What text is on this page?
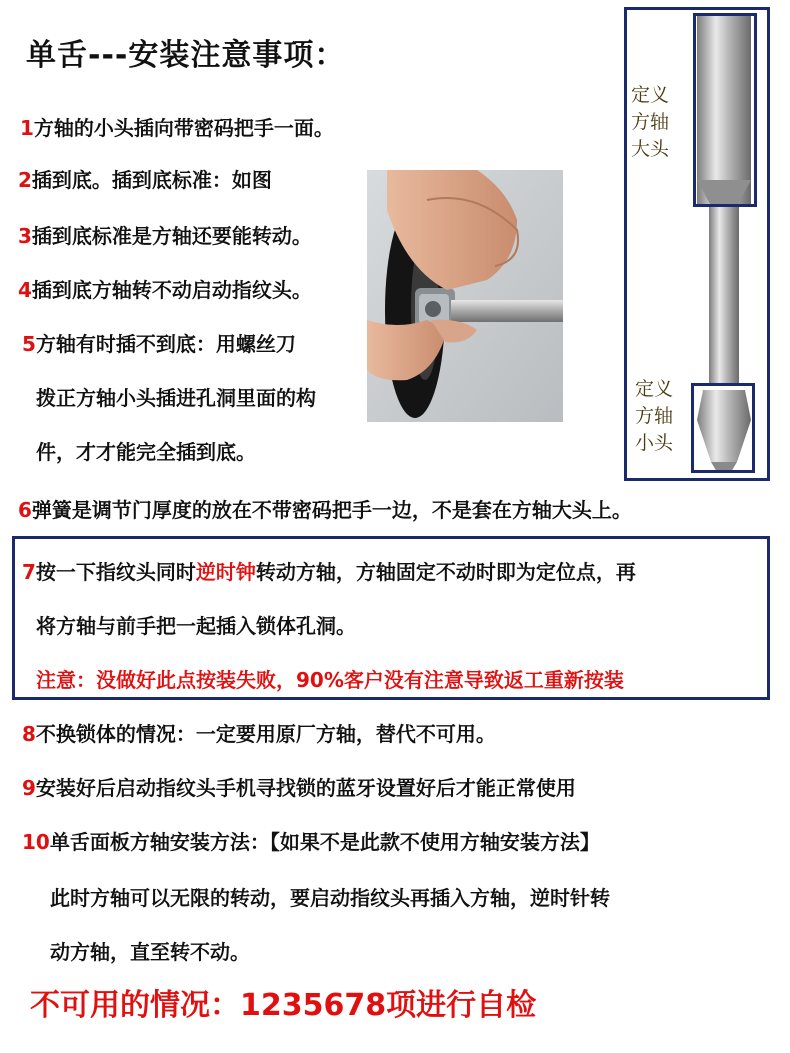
单舌---安装注意事项：
1方轴的小头插向带密码把手一面。
2插到底。插到底标准：如图
3插到底标准是方轴还要能转动。
4插到底方轴转不动启动指纹头。
5方轴有时插不到底：用螺丝刀
拨正方轴小头插进孔洞里面的构
件，才才能完全插到底。
定义
方轴
大头
定义
方轴
小头
6弹簧是调节门厚度的放在不带密码把手一边，不是套在方轴大头上。
7按一下指纹头同时逆时钟转动方轴，方轴固定不动时即为定位点，再
将方轴与前手把一起插入锁体孔洞。
注意：没做好此点按装失败，90%客户没有注意导致返工重新按装
8不换锁体的情况：一定要用原厂方轴，替代不可用。
9安装好后启动指纹头手机寻找锁的蓝牙设置好后才能正常使用
10单舌面板方轴安装方法：【如果不是此款不使用方轴安装方法】
此时方轴可以无限的转动，要启动指纹头再插入方轴，逆时针转
动方轴，直至转不动。
不可用的情况：1235678项进行自检
